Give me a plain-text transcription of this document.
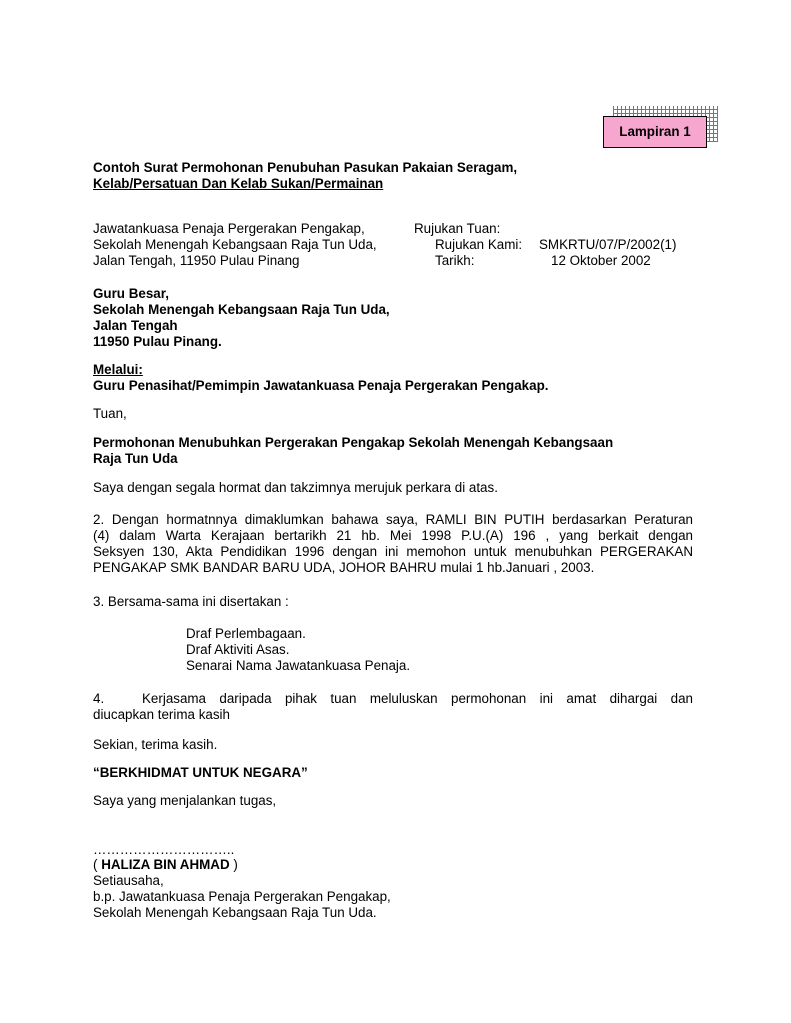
Lampiran 1
Contoh Surat Permohonan Penubuhan Pasukan Pakaian Seragam,
Kelab/Persatuan Dan Kelab Sukan/Permainan
Jawatankuasa Penaja Pergerakan Pengakap,
Sekolah Menengah Kebangsaan Raja Tun Uda,
Jalan Tengah, 11950 Pulau Pinang
Rujukan Tuan:
Rujukan Kami: SMKRTU/07/P/2002(1)
Tarikh:	12 Oktober 2002
Guru Besar,
Sekolah Menengah Kebangsaan Raja Tun Uda,
Jalan Tengah
11950 Pulau Pinang.
Melalui:
Guru Penasihat/Pemimpin Jawatankuasa Penaja Pergerakan Pengakap.
Tuan,
Permohonan Menubuhkan Pergerakan Pengakap Sekolah Menengah Kebangsaan
Raja Tun Uda
Saya dengan segala hormat dan takzimnya merujuk perkara di atas.
2. Dengan hormatnnya dimaklumkan bahawa saya, RAMLI BIN PUTIH berdasarkan Peraturan
(4) dalam Warta Kerajaan bertarikh 21 hb. Mei 1998 P.U.(A) 196 , yang berkait dengan
Seksyen 130, Akta Pendidikan 1996 dengan ini memohon untuk menubuhkan PERGERAKAN
PENGAKAP SMK BANDAR BARU UDA, JOHOR BAHRU mulai 1 hb.Januari , 2003.
3. Bersama-sama ini disertakan :
Draf Perlembagaan.
Draf Aktiviti Asas.
Senarai Nama Jawatankuasa Penaja.
4.	Kerjasama daripada pihak tuan meluluskan permohonan ini amat dihargai dan
diucapkan terima kasih
Sekian, terima kasih.
“BERKHIDMAT UNTUK NEGARA”
Saya yang menjalankan tugas,
…………………………..
( HALIZA BIN AHMAD )
Setiausaha,
b.p. Jawatankuasa Penaja Pergerakan Pengakap,
Sekolah Menengah Kebangsaan Raja Tun Uda.
